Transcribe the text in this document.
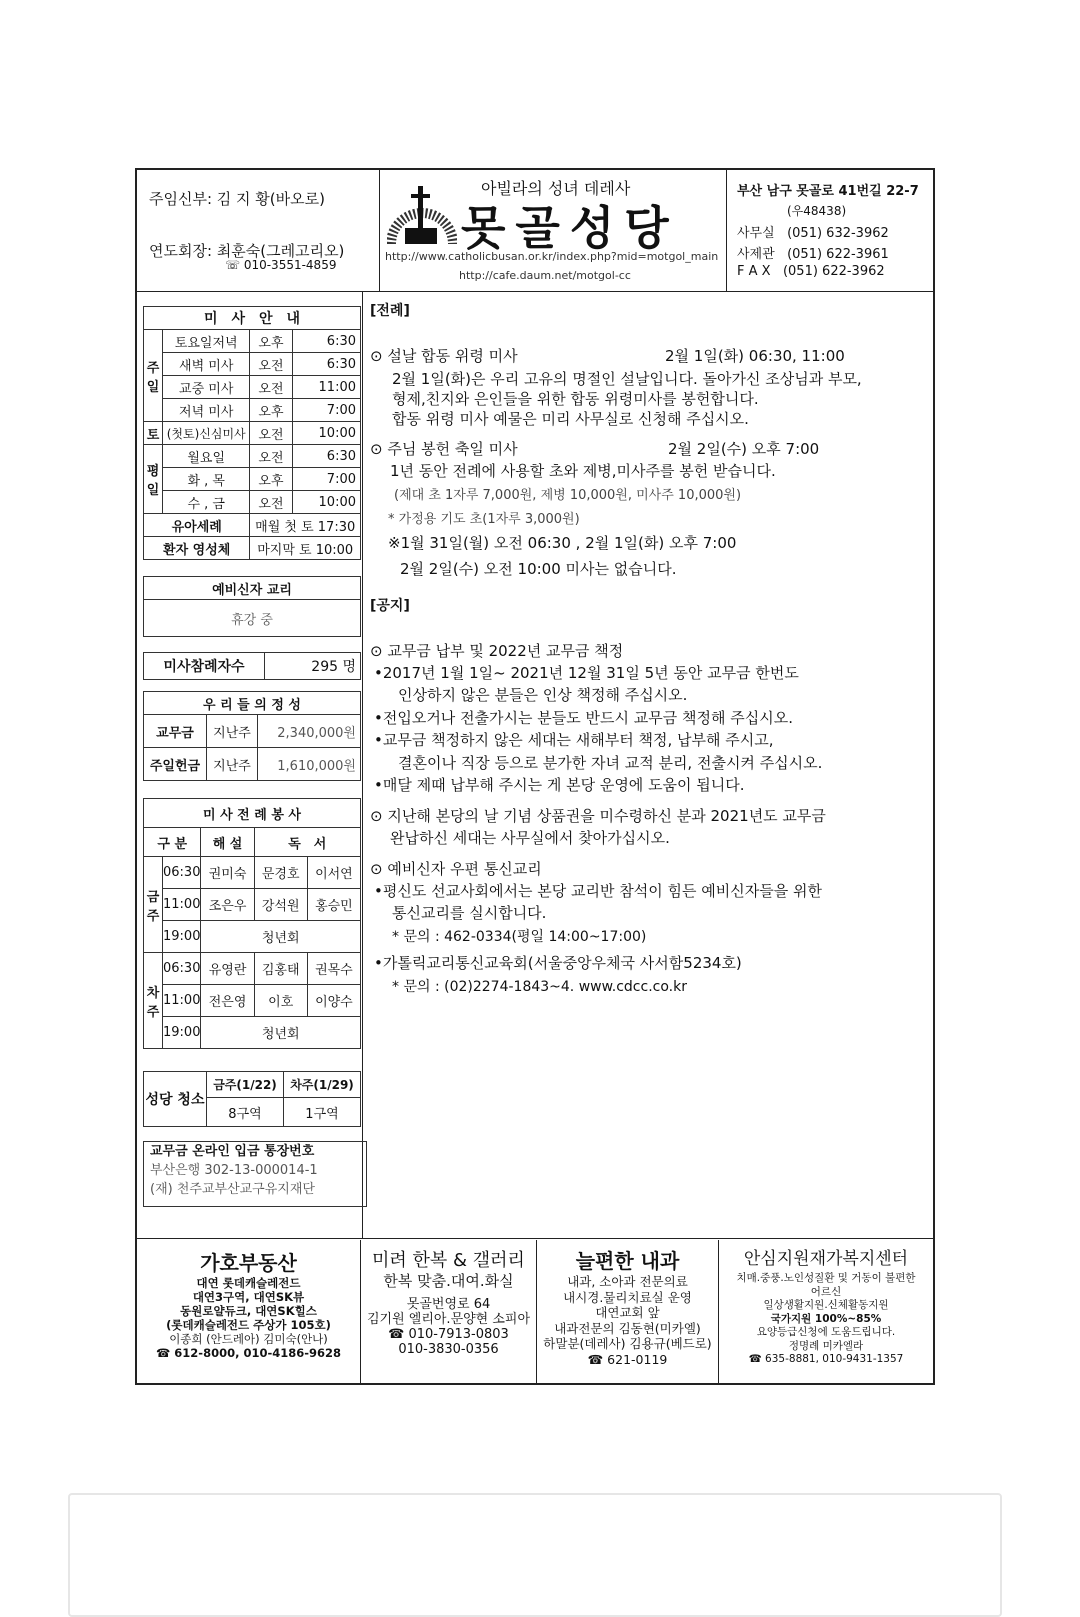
주임신부: 김 지 황(바오로)
연도회장: 최훈숙(그레고리오)
☏ 010-3551-4859
아빌라의 성녀 데레사
못골성당
http://www.catholicbusan.or.kr/index.php?mid=motgol_main
http://cafe.daum.net/motgol-cc
부산 남구 못골로 41번길 22-7
(우48438)
사무실 (051) 632-3962
사제관 (051) 622-3961
F A X (051) 622-3962
미　사　안　내			
주일	토요일저녁	오후	6:30
	새벽 미사	오전	6:30
	교중 미사	오전	11:00
	저녁 미사	오후	7:00
토	(첫토)신심미사	오전	10:00
평일	월요일	오전	6:30
	화 , 목	오후	7:00
	수 , 금	오전	10:00
유아세례		매월 첫 토 17:30	
환자 영성체		마지막 토 10:00	
예비신자 교리
휴강 중
미사참례자수	295 명
우 리 들 의 정 성		
교무금	지난주	2,340,000원
주일헌금	지난주	1,610,000원
미 사 전 례 봉 사				
구 분		해 설	독　서	
금주	06:30	권미숙	문경호	이서연
	11:00	조은우	강석원	홍승민
	19:00	청년회		
차주	06:30	유영란	김홍태	권목수
	11:00	전은영	이호	이양수
	19:00	청년회		
성당 청소	금주(1/22)	차주(1/29)
	8구역	1구역
교무금 온라인 입금 통장번호
부산은행 302-13-000014-1
(재) 천주교부산교구유지재단
[전례]
⊙ 설날 합동 위령 미사	2월 1일(화) 06:30, 11:00
2월 1일(화)은 우리 고유의 명절인 설날입니다. 돌아가신 조상님과 부모,
형제,친지와 은인들을 위한 합동 위령미사를 봉헌합니다.
합동 위령 미사 예물은 미리 사무실로 신청해 주십시오.
⊙ 주님 봉헌 축일 미사	2월 2일(수) 오후 7:00
1년 동안 전례에 사용할 초와 제병,미사주를 봉헌 받습니다.
(제대 초 1자루 7,000원, 제병 10,000원, 미사주 10,000원)
* 가정용 기도 초(1자루 3,000원)
※1월 31일(월) 오전 06:30 , 2월 1일(화) 오후 7:00
2월 2일(수) 오전 10:00 미사는 없습니다.
[공지]
⊙ 교무금 납부 및 2022년 교무금 책정
•2017년 1월 1일~ 2021년 12월 31일 5년 동안 교무금 한번도
인상하지 않은 분들은 인상 책정해 주십시오.
•전입오거나 전출가시는 분들도 반드시 교무금 책정해 주십시오.
•교무금 책정하지 않은 세대는 새해부터 책정, 납부해 주시고,
결혼이나 직장 등으로 분가한 자녀 교적 분리, 전출시켜 주십시오.
•매달 제때 납부해 주시는 게 본당 운영에 도움이 됩니다.
⊙ 지난해 본당의 날 기념 상품권을 미수령하신 분과 2021년도 교무금
완납하신 세대는 사무실에서 찾아가십시오.
⊙ 예비신자 우편 통신교리
•평신도 선교사회에서는 본당 교리반 참석이 힘든 예비신자들을 위한
통신교리를 실시합니다.
* 문의 : 462-0334(평일 14:00~17:00)
•가톨릭교리통신교육회(서울중앙우체국 사서함5234호)
* 문의 : (02)2274-1843~4. www.cdcc.co.kr
가호부동산
대연 롯데캐슬레전드
대연3구역, 대연SK뷰
동원로얄듀크, 대연SK힐스
(롯데캐슬레전드 주상가 105호)
이종희 (안드레아) 김미숙(안나)
☎ 612-8000, 010-4186-9628
미려 한복 & 갤러리
한복 맞춤.대여.화실
못골번영로 64
김기원 엘리아.문양현 소피아
☎ 010-7913-0803
010-3830-0356
늘편한 내과
내과, 소아과 전문의료
내시경.물리치료실 운영
대연교회 앞
내과전문의 김동현(미카엘)
하말분(데레사) 김용규(베드로)
☎ 621-0119
안심지원재가복지센터
치매.중풍.노인성질환 및 거동이 불편한
어르신
일상생활지원.신체활동지원
국가지원 100%~85%
요양등급신청에 도움드립니다.
정명례 미카엘라
☎ 635-8881, 010-9431-1357
